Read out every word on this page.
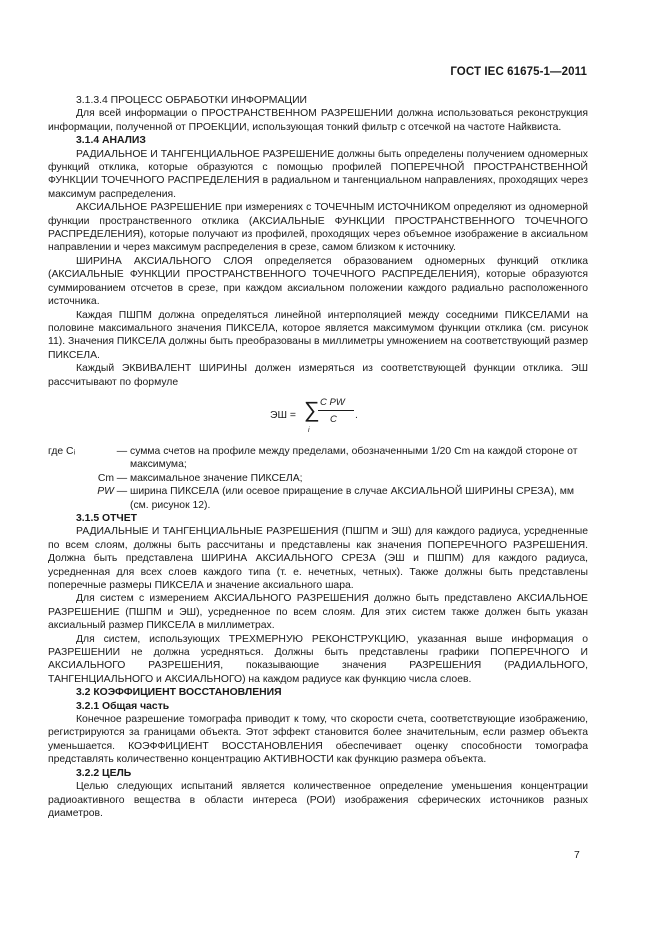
ГОСТ IEC 61675-1—2011

3.1.3.4 ПРОЦЕСС ОБРАБОТКИ ИНФОРМАЦИИ

Для всей информации о ПРОСТРАНСТВЕННОМ РАЗРЕШЕНИИ должна использоваться реконструкция информации, полученной от ПРОЕКЦИИ, использующая тонкий фильтр с отсечкой на частоте Найквиста.

3.1.4 АНАЛИЗ

РАДИАЛЬНОЕ И ТАНГЕНЦИАЛЬНОЕ РАЗРЕШЕНИЕ должны быть определены получением одномерных функций отклика, которые образуются с помощью профилей ПОПЕРЕЧНОЙ ПРОСТРАНСТВЕННОЙ ФУНКЦИИ ТОЧЕЧНОГО РАСПРЕДЕЛЕНИЯ в радиальном и тангенциальном направлениях, проходящих через максимум распределения.

АКСИАЛЬНОЕ РАЗРЕШЕНИЕ при измерениях с ТОЧЕЧНЫМ ИСТОЧНИКОМ определяют из одномерной функции пространственного отклика (АКСИАЛЬНЫЕ ФУНКЦИИ ПРОСТРАНСТВЕННОГО ТОЧЕЧНОГО РАСПРЕДЕЛЕНИЯ), которые получают из профилей, проходящих через объемное изображение в аксиальном направлении и через максимум распределения в срезе, самом близком к источнику.

ШИРИНА АКСИАЛЬНОГО СЛОЯ определяется образованием одномерных функций отклика (АКСИАЛЬНЫЕ ФУНКЦИИ ПРОСТРАНСТВЕННОГО ТОЧЕЧНОГО РАСПРЕДЕЛЕНИЯ), которые образуются суммированием отсчетов в срезе, при каждом аксиальном положении каждого радиально расположенного источника.

Каждая ПШПМ должна определяться линейной интерполяцией между соседними ПИКСЕЛАМИ на половине максимального значения ПИКСЕЛА, которое является максимумом функции отклика (см. рисунок 11). Значения ПИКСЕЛА должны быть преобразованы в миллиметры умножением на соответствующий размер ПИКСЕЛА.

Каждый ЭКВИВАЛЕНТ ШИРИНЫ должен измеряться из соответствующей функции отклика. ЭШ рассчитывают по формуле

ЭШ = ∑
i
C PW
C .
где Cᵢ	— сумма счетов на профиле между пределами, обозначенными 1/20 Cm на каждой стороне от

максимума;

Cm — максимальное значение ПИКСЕЛА;
PW — ширина ПИКСЕЛА (или осевое приращение в случае АКСИАЛЬНОЙ ШИРИНЫ СРЕЗА), мм

(см. рисунок 12).

3.1.5 ОТЧЕТ

РАДИАЛЬНЫЕ И ТАНГЕНЦИАЛЬНЫЕ РАЗРЕШЕНИЯ (ПШПМ и ЭШ) для каждого радиуса, усредненные по всем слоям, должны быть рассчитаны и представлены как значения ПОПЕРЕЧНОГО РАЗРЕШЕНИЯ. Должна быть представлена ШИРИНА АКСИАЛЬНОГО СРЕЗА (ЭШ и ПШПМ) для каждого радиуса, усредненная для всех слоев каждого типа (т. е. нечетных, четных). Также должны быть представлены поперечные размеры ПИКСЕЛА и значение аксиального шара.

Для систем с измерением АКСИАЛЬНОГО РАЗРЕШЕНИЯ должно быть представлено АКСИАЛЬНОЕ РАЗРЕШЕНИЕ (ПШПМ и ЭШ), усредненное по всем слоям. Для этих систем также должен быть указан аксиальный размер ПИКСЕЛА в миллиметрах.

Для систем, использующих ТРЕХМЕРНУЮ РЕКОНСТРУКЦИЮ, указанная выше информация о РАЗРЕШЕНИИ не должна усредняться. Должны быть представлены графики ПОПЕРЕЧНОГО И АКСИАЛЬНОГО РАЗРЕШЕНИЯ, показывающие значения РАЗРЕШЕНИЯ (РАДИАЛЬНОГО, ТАНГЕНЦИАЛЬНОГО и АКСИАЛЬНОГО) на каждом радиусе как функцию числа слоев.

3.2 КОЭФФИЦИЕНТ ВОССТАНОВЛЕНИЯ

3.2.1 Общая часть

Конечное разрешение томографа приводит к тому, что скорости счета, соответствующие изображению, регистрируются за границами объекта. Этот эффект становится более значительным, если размер объекта уменьшается. КОЭФФИЦИЕНТ ВОССТАНОВЛЕНИЯ обеспечивает оценку способности томографа представлять количественно концентрацию АКТИВНОСТИ как функцию размера объекта.

3.2.2 ЦЕЛЬ

Целью следующих испытаний является количественное определение уменьшения концентрации радиоактивного вещества в области интереса (РОИ) изображения сферических источников разных диаметров.

7
